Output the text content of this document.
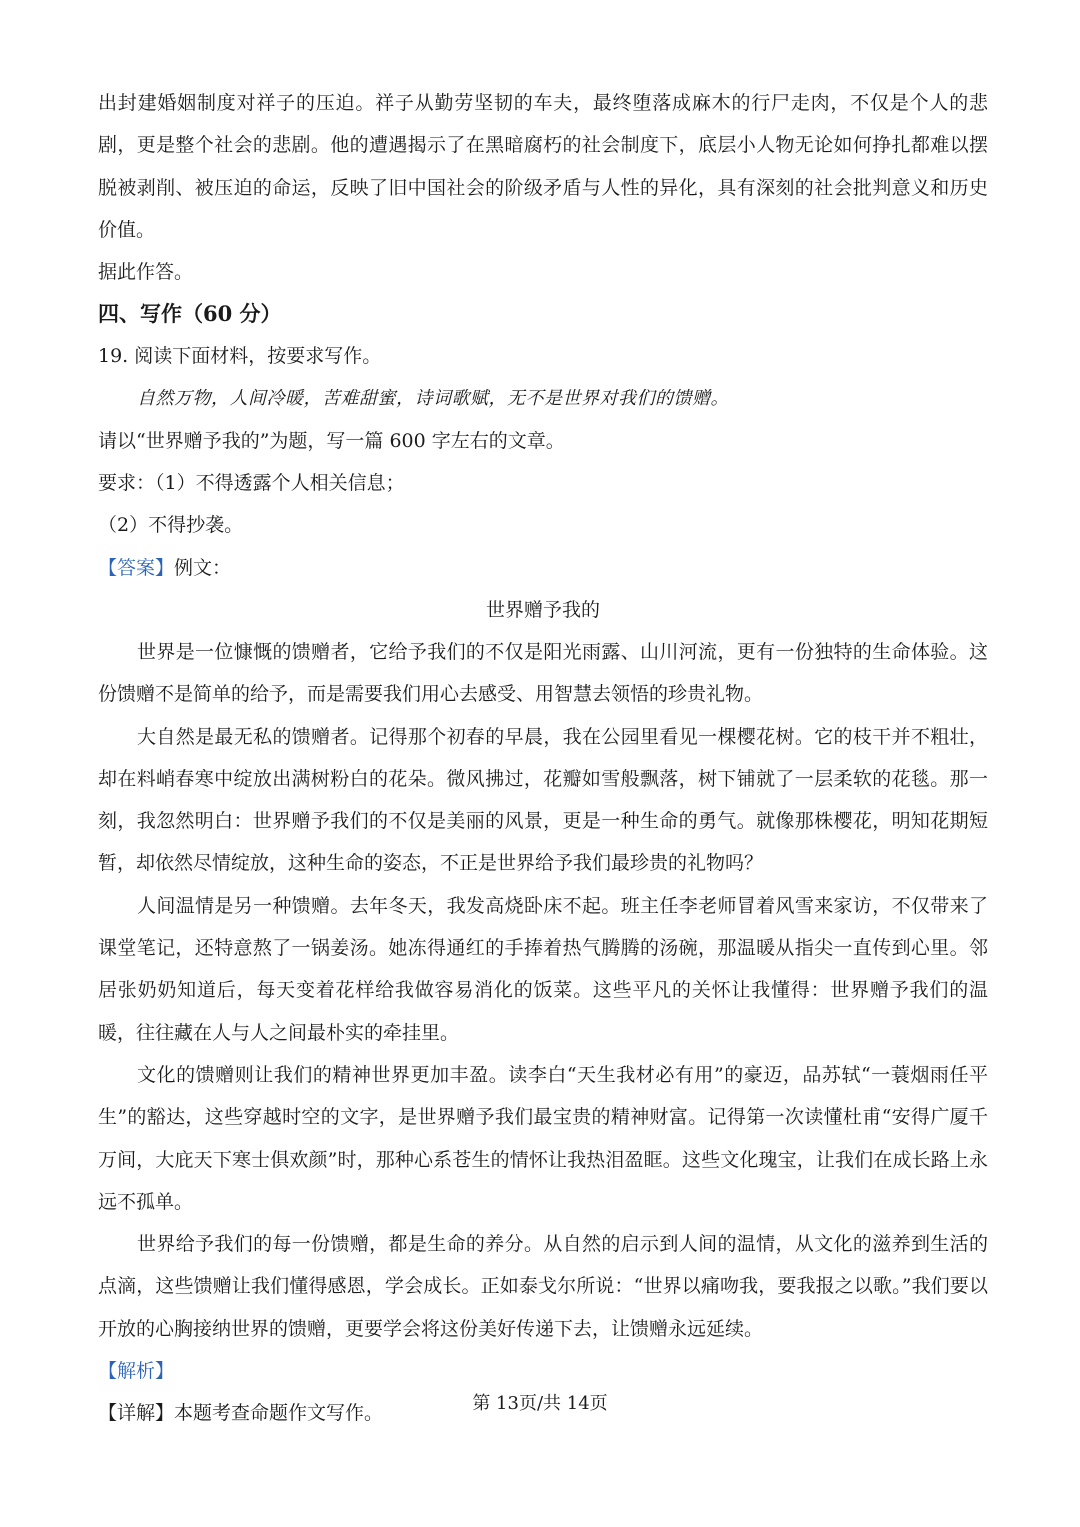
出封建婚姻制度对祥子的压迫。祥子从勤劳坚韧的车夫，最终堕落成麻木的行尸走肉，不仅是个人的悲剧，更是整个社会的悲剧。他的遭遇揭示了在黑暗腐朽的社会制度下，底层小人物无论如何挣扎都难以摆脱被剥削、被压迫的命运，反映了旧中国社会的阶级矛盾与人性的异化，具有深刻的社会批判意义和历史价值。

据此作答。

四、写作（60 分）

19. 阅读下面材料，按要求写作。

自然万物，人间冷暖，苦难甜蜜，诗词歌赋，无不是世界对我们的馈赠。

请以“世界赠予我的”为题，写一篇 600 字左右的文章。

要求：（1）不得透露个人相关信息；

（2）不得抄袭。

【答案】例文：

世界赠予我的

世界是一位慷慨的馈赠者，它给予我们的不仅是阳光雨露、山川河流，更有一份独特的生命体验。这份馈赠不是简单的给予，而是需要我们用心去感受、用智慧去领悟的珍贵礼物。

大自然是最无私的馈赠者。记得那个初春的早晨，我在公园里看见一棵樱花树。它的枝干并不粗壮，却在料峭春寒中绽放出满树粉白的花朵。微风拂过，花瓣如雪般飘落，树下铺就了一层柔软的花毯。那一刻，我忽然明白：世界赠予我们的不仅是美丽的风景，更是一种生命的勇气。就像那株樱花，明知花期短暂，却依然尽情绽放，这种生命的姿态，不正是世界给予我们最珍贵的礼物吗？

人间温情是另一种馈赠。去年冬天，我发高烧卧床不起。班主任李老师冒着风雪来家访，不仅带来了课堂笔记，还特意熬了一锅姜汤。她冻得通红的手捧着热气腾腾的汤碗，那温暖从指尖一直传到心里。邻居张奶奶知道后，每天变着花样给我做容易消化的饭菜。这些平凡的关怀让我懂得：世界赠予我们的温暖，往往藏在人与人之间最朴实的牵挂里。

文化的馈赠则让我们的精神世界更加丰盈。读李白“天生我材必有用”的豪迈，品苏轼“一蓑烟雨任平生”的豁达，这些穿越时空的文字，是世界赠予我们最宝贵的精神财富。记得第一次读懂杜甫“安得广厦千万间，大庇天下寒士俱欢颜”时，那种心系苍生的情怀让我热泪盈眶。这些文化瑰宝，让我们在成长路上永远不孤单。

世界给予我们的每一份馈赠，都是生命的养分。从自然的启示到人间的温情，从文化的滋养到生活的点滴，这些馈赠让我们懂得感恩，学会成长。正如泰戈尔所说：“世界以痛吻我，要我报之以歌。”我们要以开放的心胸接纳世界的馈赠，更要学会将这份美好传递下去，让馈赠永远延续。

【解析】

【详解】本题考查命题作文写作。	第 13页/共 14页
